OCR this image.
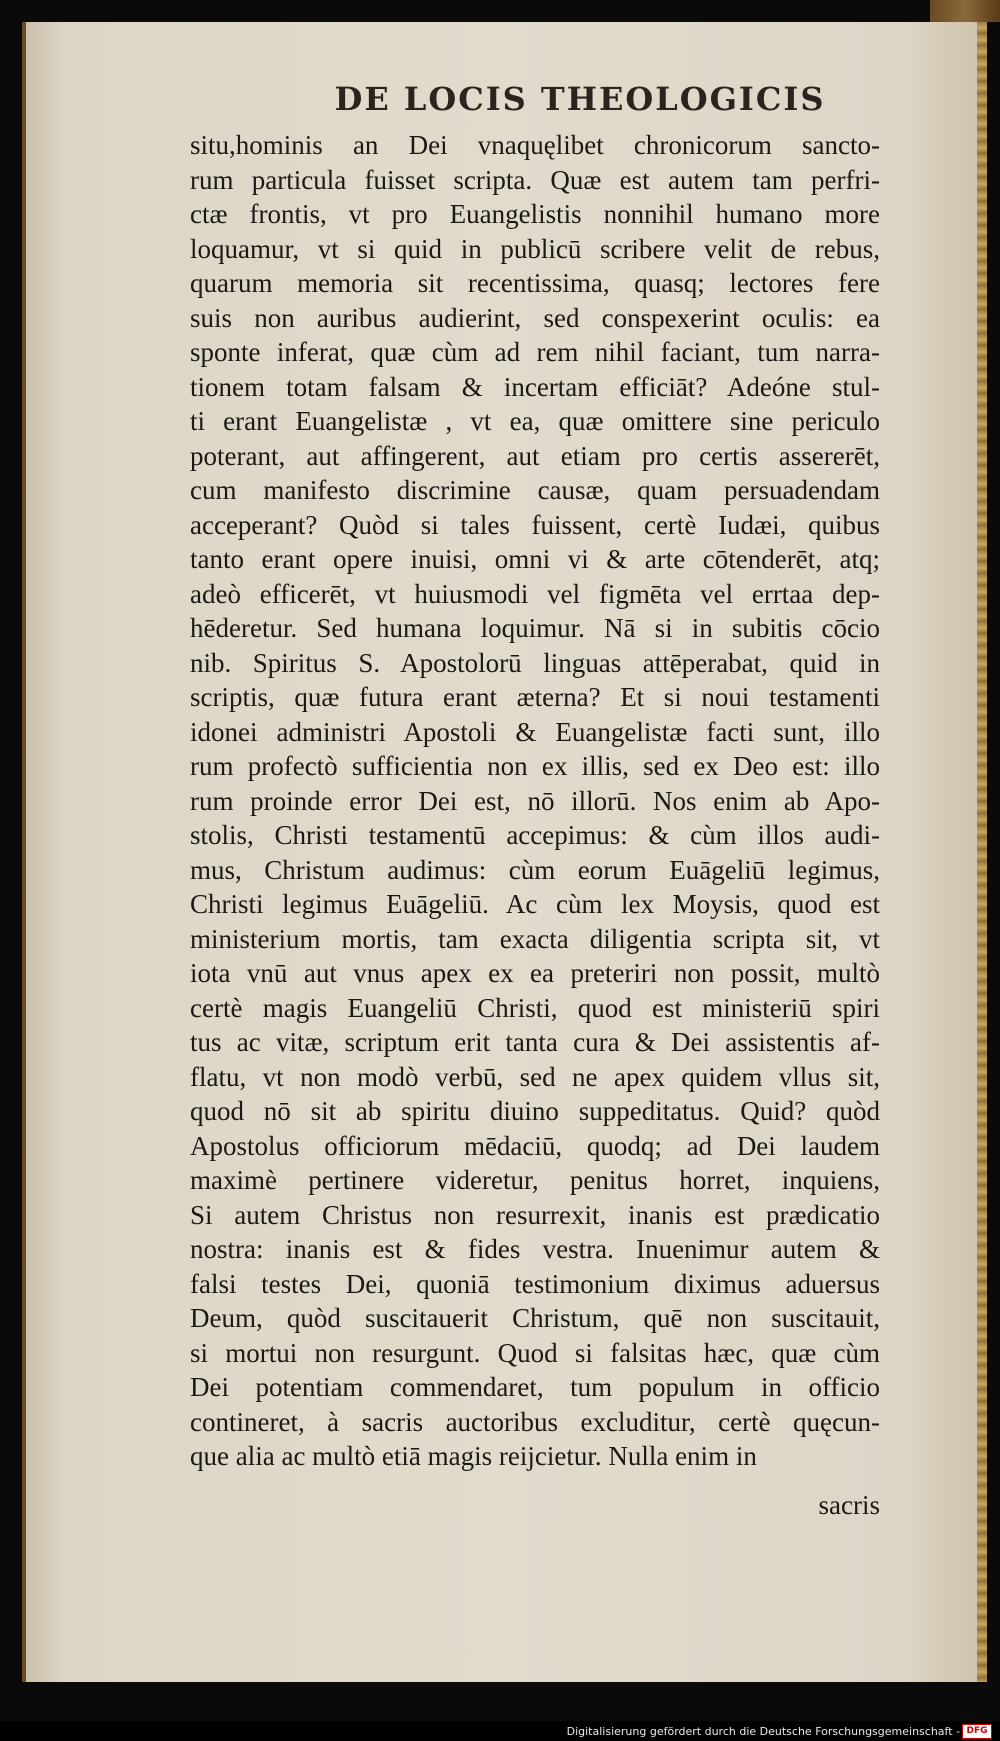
DE LOCIS THEOLOGICIS
situ,hominis an Dei vnaquęlibet chronicorum sancto-
rum particula fuisset scripta. Quæ est autem tam perfri-
ctæ frontis, vt pro Euangelistis nonnihil humano more
loquamur, vt si quid in publicū scribere velit de rebus,
quarum memoria sit recentissima, quasq; lectores fere
suis non auribus audierint, sed conspexerint oculis: ea
sponte inferat, quæ cùm ad rem nihil faciant, tum narra-
tionem totam falsam & incertam efficiāt? Adeóne stul-
ti erant Euangelistæ , vt ea, quæ omittere sine periculo
poterant, aut affingerent, aut etiam pro certis assererēt,
cum manifesto discrimine causæ, quam persuadendam
acceperant? Quòd si tales fuissent, certè Iudæi, quibus
tanto erant opere inuisi, omni vi & arte cōtenderēt, atq;
adeò efficerēt, vt huiusmodi vel figmēta vel errtaa dep-
hēderetur. Sed humana loquimur. Nā si in subitis cōcio
nib. Spiritus S. Apostolorū linguas attēperabat, quid in
scriptis, quæ futura erant æterna? Et si noui testamenti
idonei administri Apostoli & Euangelistæ facti sunt, illo
rum profectò sufficientia non ex illis, sed ex Deo est: illo
rum proinde error Dei est, nō illorū. Nos enim ab Apo-
stolis, Christi testamentū accepimus: & cùm illos audi-
mus, Christum audimus: cùm eorum Euāgeliū legimus,
Christi legimus Euāgeliū. Ac cùm lex Moysis, quod est
ministerium mortis, tam exacta diligentia scripta sit, vt
iota vnū aut vnus apex ex ea preteriri non possit, multò
certè magis Euangeliū Christi, quod est ministeriū spiri
tus ac vitæ, scriptum erit tanta cura & Dei assistentis af-
flatu, vt non modò verbū, sed ne apex quidem vllus sit,
quod nō sit ab spiritu diuino suppeditatus. Quid? quòd
Apostolus officiorum mēdaciū, quodq; ad Dei laudem
maximè pertinere videretur, penitus horret, inquiens,
Si autem Christus non resurrexit, inanis est prædicatio
nostra: inanis est & fides vestra. Inuenimur autem &
falsi testes Dei, quoniā testimonium diximus aduersus
Deum, quòd suscitauerit Christum, quē non suscitauit,
si mortui non resurgunt. Quod si falsitas hæc, quæ cùm
Dei potentiam commendaret, tum populum in officio
contineret, à sacris auctoribus excluditur, certè quęcun-
que alia ac multò etiā magis reijcietur. Nulla enim in
sacris
Digitalisierung gefördert durch die Deutsche Forschungsgemeinschaft - DFG
